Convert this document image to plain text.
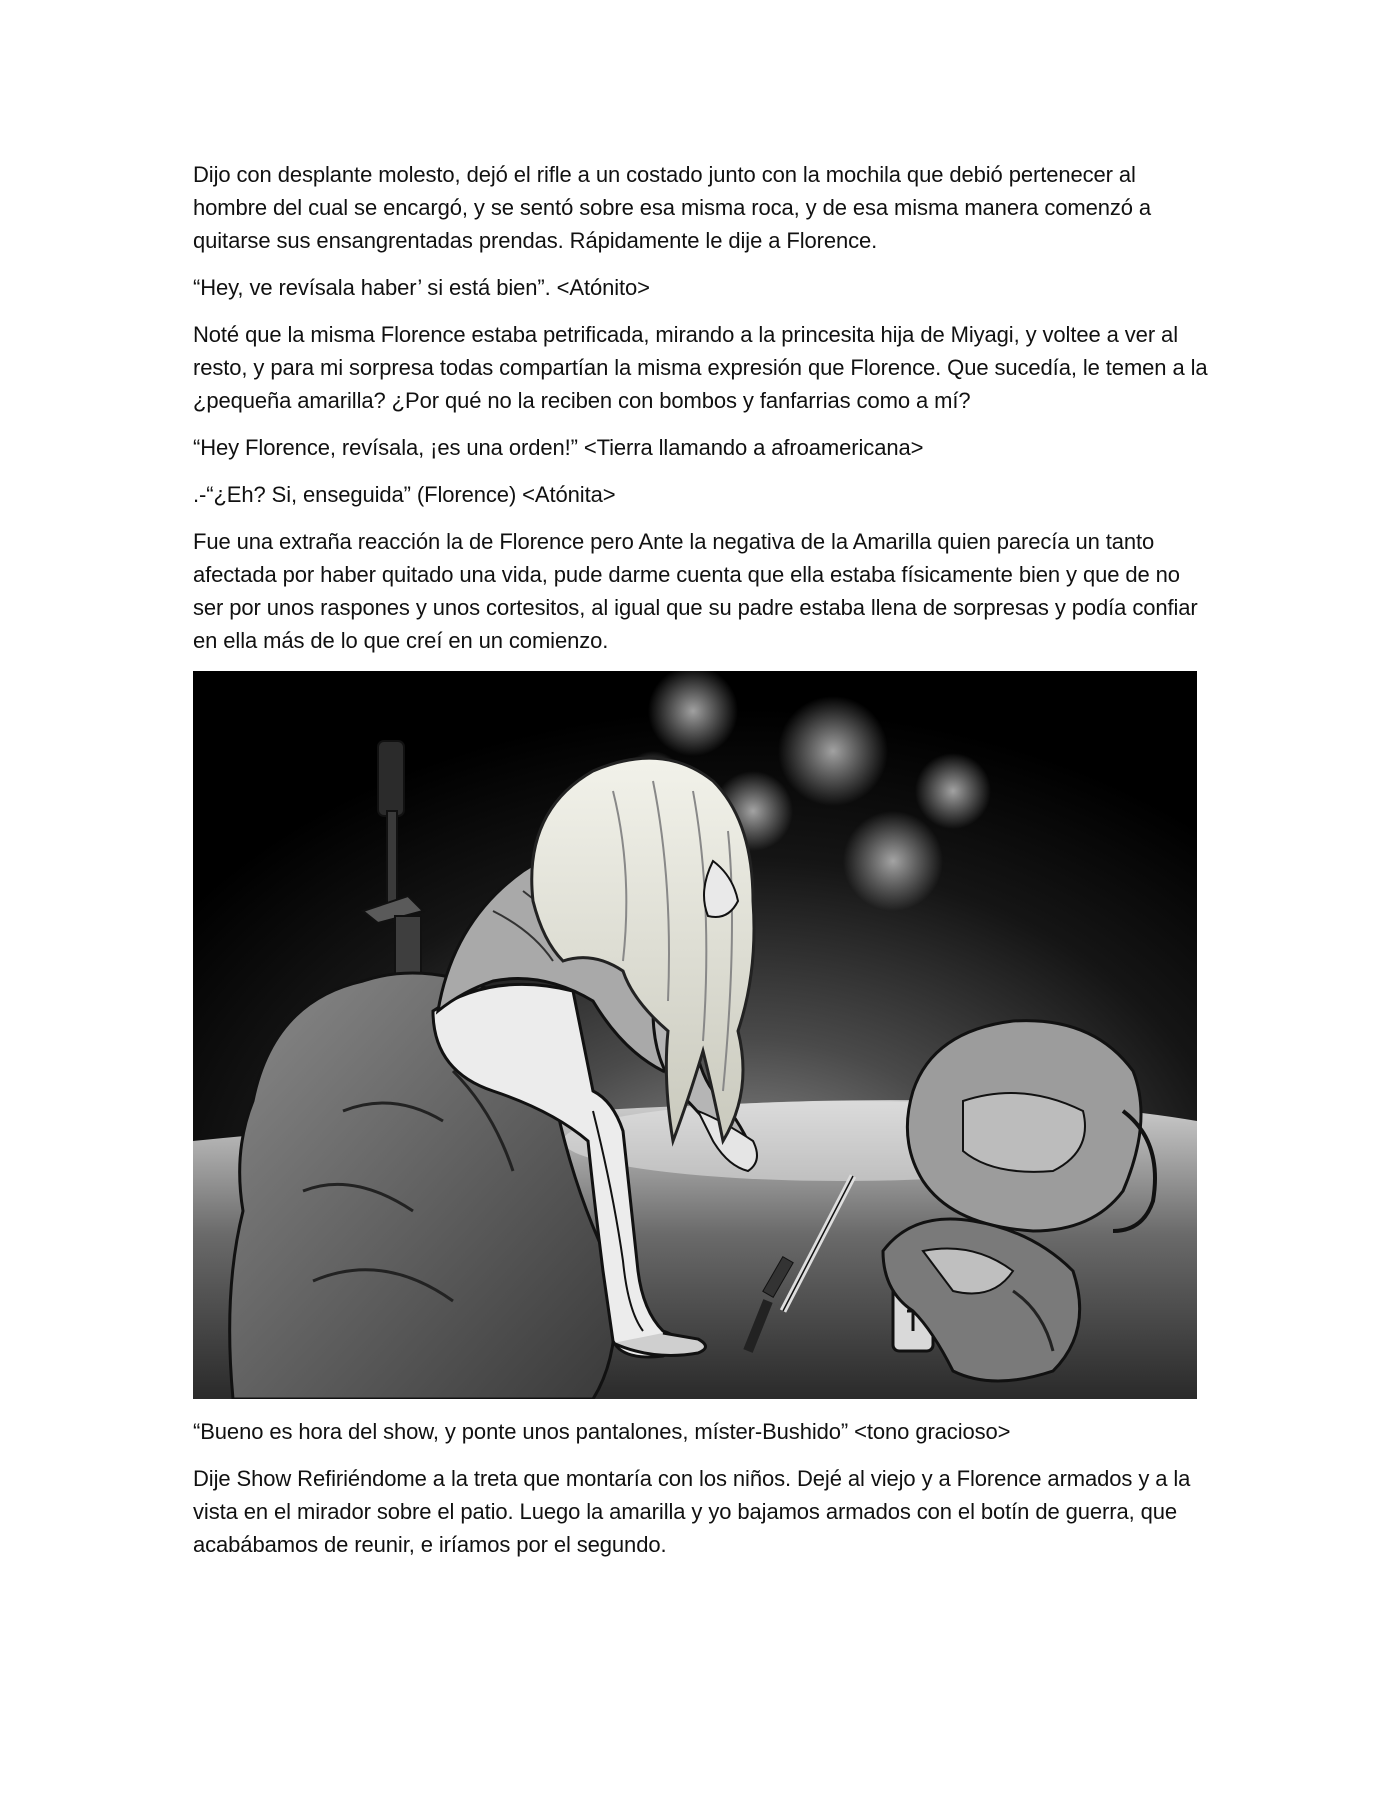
Dijo con desplante molesto, dejó el rifle a un costado junto con la mochila que debió pertenecer al hombre del cual se encargó, y se sentó sobre esa misma roca, y de esa misma manera comenzó a quitarse sus ensangrentadas prendas. Rápidamente le dije a Florence.

“Hey, ve revísala haber’ si está bien”. <Atónito>

Noté que la misma Florence estaba petrificada, mirando a la princesita hija de Miyagi, y voltee a ver al resto, y para mi sorpresa todas compartían la misma expresión que Florence. Que sucedía, le temen a la ¿pequeña amarilla? ¿Por qué no la reciben con bombos y fanfarrias como a mí?

“Hey Florence, revísala, ¡es una orden!” <Tierra llamando a afroamericana>

.-“¿Eh? Si, enseguida” (Florence) <Atónita>

Fue una extraña reacción la de Florence pero Ante la negativa de la Amarilla quien parecía un tanto afectada por haber quitado una vida, pude darme cuenta que ella estaba físicamente bien y que de no ser por unos raspones y unos cortesitos, al igual que su padre estaba llena de sorpresas y podía confiar en ella más de lo que creí en un comienzo.

“Bueno es hora del show, y ponte unos pantalones, míster-Bushido” <tono gracioso>

Dije Show Refiriéndome a la treta que montaría con los niños. Dejé al viejo y a Florence armados y a la vista en el mirador sobre el patio. Luego la amarilla y yo bajamos armados con el botín de guerra, que acabábamos de reunir, e iríamos por el segundo.
